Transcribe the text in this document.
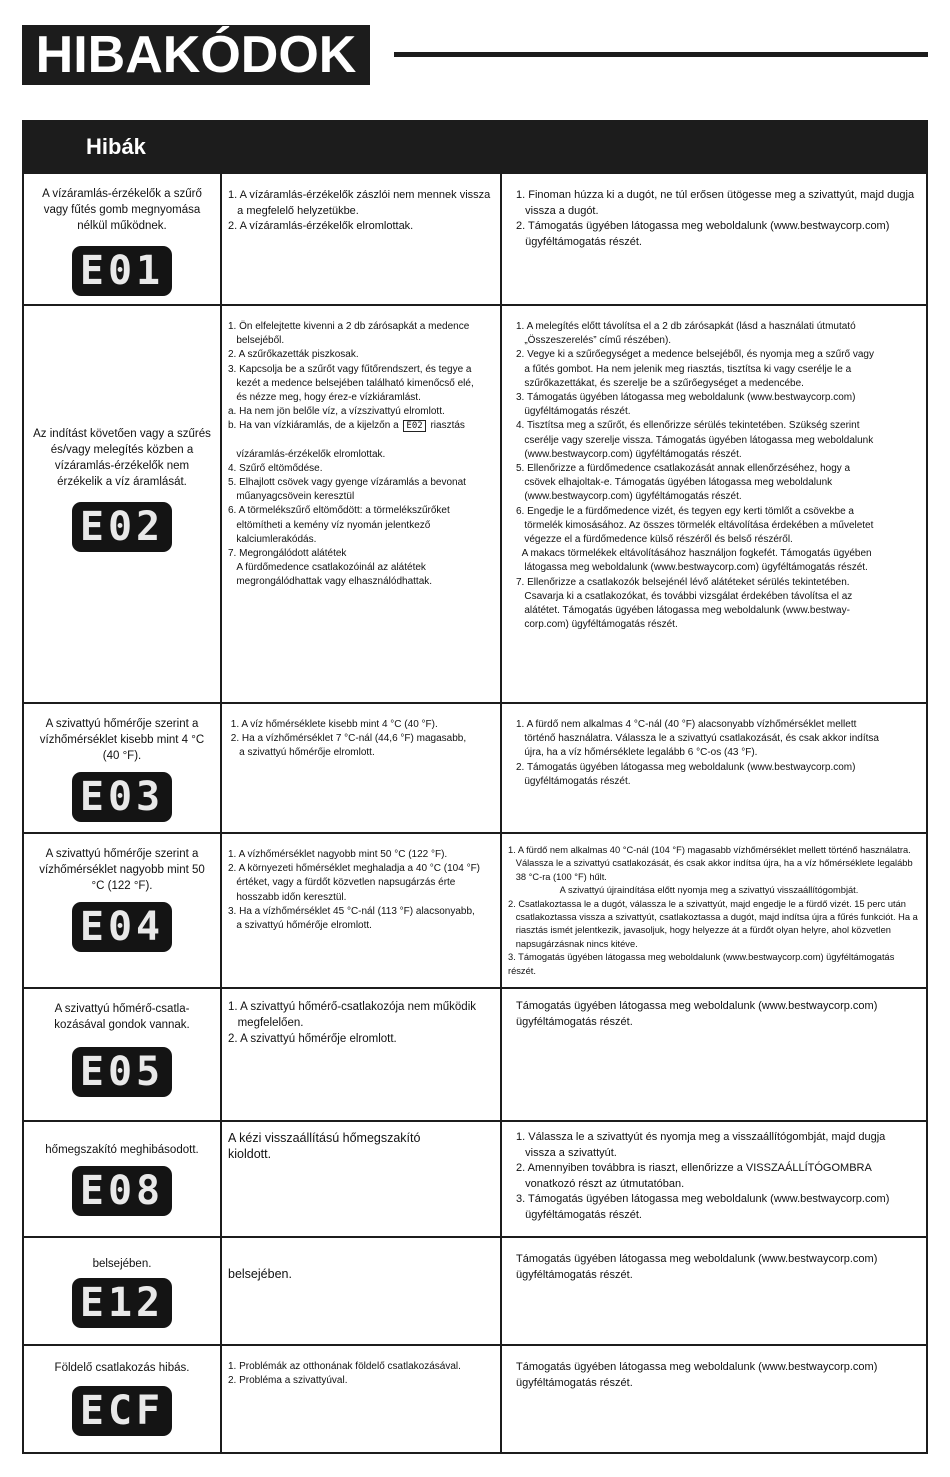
HIBAKÓDOK
Hibák
A vízáramlás-érzékelők a szűrő vagy fűtés gomb megnyomása nélkül működnek.
E01
1. A vízáramlás-érzékelők zászlói nem mennek vissza
a megfelelő helyzetükbe.
2. A vízáramlás-érzékelők elromlottak.
1. Finoman húzza ki a dugót, ne túl erősen ütögesse meg a szivattyút, majd dugja
vissza a dugót.
2. Támogatás ügyében látogassa meg weboldalunk (www.bestwaycorp.com)
ügyféltámogatás részét.
Az indítást követően vagy a szűrés és/vagy melegítés közben a vízáramlás-érzékelők nem érzékelik a víz áramlását.
E02
1. Ön elfelejtette kivenni a 2 db zárósapkát a medence
belsejéből.
2. A szűrőkazetták piszkosak.
3. Kapcsolja be a szűrőt vagy fűtőrendszert, és tegye a
kezét a medence belsejében található kimenőcső elé,
és nézze meg, hogy érez-e vízkiáramlást.
a. Ha nem jön belőle víz, a vízszivattyú elromlott.
b. Ha van vízkiáramlás, de a kijelzőn a E02 riasztás
vízáramlás-érzékelők elromlottak.
4. Szűrő eltömődése.
5. Elhajlott csövek vagy gyenge vízáramlás a bevonat
műanyagcsövein keresztül
6. A törmelékszűrő eltömődött: a törmelékszűrőket
eltömítheti a kemény víz nyomán jelentkező
kalciumlerakódás.
7. Megrongálódott alátétek
A fürdőmedence csatlakozóinál az alátétek
megrongálódhattak vagy elhasználódhattak.
1. A melegítés előtt távolítsa el a 2 db zárósapkát (lásd a használati útmutató
„Összeszerelés” című részében).
2. Vegye ki a szűrőegységet a medence belsejéből, és nyomja meg a szűrő vagy
a fűtés gombot. Ha nem jelenik meg riasztás, tisztítsa ki vagy cserélje le a
szűrőkazettákat, és szerelje be a szűrőegységet a medencébe.
3. Támogatás ügyében látogassa meg weboldalunk (www.bestwaycorp.com)
ügyféltámogatás részét.
4. Tisztítsa meg a szűrőt, és ellenőrizze sérülés tekintetében. Szükség szerint
cserélje vagy szerelje vissza. Támogatás ügyében látogassa meg weboldalunk
(www.bestwaycorp.com) ügyféltámogatás részét.
5. Ellenőrizze a fürdőmedence csatlakozását annak ellenőrzéséhez, hogy a
csövek elhajoltak-e. Támogatás ügyében látogassa meg weboldalunk
(www.bestwaycorp.com) ügyféltámogatás részét.
6. Engedje le a fürdőmedence vizét, és tegyen egy kerti tömlőt a csövekbe a
törmelék kimosásához. Az összes törmelék eltávolítása érdekében a műveletet
végezze el a fürdőmedence külső részéről és belső részéről.
A makacs törmelékek eltávolításához használjon fogkefét. Támogatás ügyében
látogassa meg weboldalunk (www.bestwaycorp.com) ügyféltámogatás részét.
7. Ellenőrizze a csatlakozók belsejénél lévő alátéteket sérülés tekintetében.
Csavarja ki a csatlakozókat, és további vizsgálat érdekében távolítsa el az
alátétet. Támogatás ügyében látogassa meg weboldalunk (www.bestway-
corp.com) ügyféltámogatás részét.
A szivattyú hőmérője szerint a vízhőmérséklet kisebb mint 4 °C (40 °F).
E03
1. A víz hőmérséklete kisebb mint 4 °C (40 °F).
2. Ha a vízhőmérséklet 7 °C-nál (44,6 °F) magasabb,
a szivattyú hőmérője elromlott.
1. A fürdő nem alkalmas 4 °C-nál (40 °F) alacsonyabb vízhőmérséklet mellett
történő használatra. Válassza le a szivattyú csatlakozását, és csak akkor indítsa
újra, ha a víz hőmérséklete legalább 6 °C-os (43 °F).
2. Támogatás ügyében látogassa meg weboldalunk (www.bestwaycorp.com)
ügyféltámogatás részét.
A szivattyú hőmérője szerint a vízhőmérséklet nagyobb mint 50 °C (122 °F).
E04
1. A vízhőmérséklet nagyobb mint 50 °C (122 °F).
2. A környezeti hőmérséklet meghaladja a 40 °C (104 °F)
értéket, vagy a fürdőt közvetlen napsugárzás érte
hosszabb időn keresztül.
3. Ha a vízhőmérséklet 45 °C-nál (113 °F) alacsonyabb,
a szivattyú hőmérője elromlott.
1. A fürdő nem alkalmas 40 °C-nál (104 °F) magasabb vízhőmérséklet mellett történő használatra.
Válassza le a szivattyú csatlakozását, és csak akkor indítsa újra, ha a víz hőmérséklete legalább
38 °C-ra (100 °F) hűlt.
A szivattyú újraindítása előtt nyomja meg a szivattyú visszaállítógombját.
2. Csatlakoztassa le a dugót, válassza le a szivattyút, majd engedje le a fürdő vizét. 15 perc után
csatlakoztassa vissza a szivattyút, csatlakoztassa a dugót, majd indítsa újra a fűrés funkciót. Ha a
riasztás ismét jelentkezik, javasoljuk, hogy helyezze át a fürdőt olyan helyre, ahol közvetlen
napsugárzásnak nincs kitéve.
3. Támogatás ügyében látogassa meg weboldalunk (www.bestwaycorp.com) ügyféltámogatás részét.
A szivattyú hőmérő-csatla-kozásával gondok vannak.
E05
1. A szivattyú hőmérő-csatlakozója nem működik
megfelelően.
2. A szivattyú hőmérője elromlott.
Támogatás ügyében látogassa meg weboldalunk (www.bestwaycorp.com)
ügyféltámogatás részét.
hőmegszakító meghibásodott.
E08
A kézi visszaállítású hőmegszakító
kioldott.
1. Válassza le a szivattyút és nyomja meg a visszaállítógombját, majd dugja
vissza a szivattyút.
2. Amennyiben továbbra is riaszt, ellenőrizze a VISSZAÁLLÍTÓGOMBRA
vonatkozó részt az útmutatóban.
3. Támogatás ügyében látogassa meg weboldalunk (www.bestwaycorp.com)
ügyféltámogatás részét.
belsejében.
E12
belsejében.
Támogatás ügyében látogassa meg weboldalunk (www.bestwaycorp.com)
ügyféltámogatás részét.
Földelő csatlakozás hibás.
ECF
1. Problémák az otthonának földelő csatlakozásával.
2. Probléma a szivattyúval.
Támogatás ügyében látogassa meg weboldalunk (www.bestwaycorp.com)
ügyféltámogatás részét.
